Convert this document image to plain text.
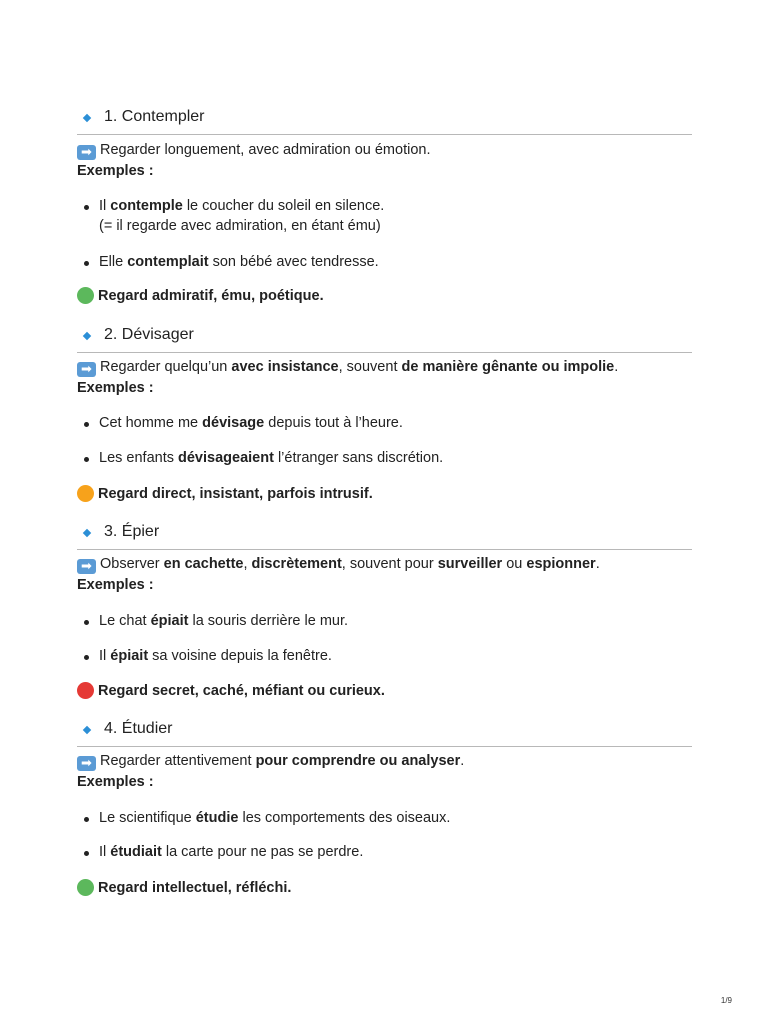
1. Contempler
➡ Regarder longuement, avec admiration ou émotion.
Exemples :
Il contemple le coucher du soleil en silence.
(= il regarde avec admiration, en étant ému)
Elle contemplait son bébé avec tendresse.
Regard admiratif, ému, poétique.
2. Dévisager
➡ Regarder quelqu’un avec insistance, souvent de manière gênante ou impolie.
Exemples :
Cet homme me dévisage depuis tout à l’heure.
Les enfants dévisageaient l’étranger sans discrétion.
Regard direct, insistant, parfois intrusif.
3. Épier
➡ Observer en cachette, discrètement, souvent pour surveiller ou espionner.
Exemples :
Le chat épiait la souris derrière le mur.
Il épiait sa voisine depuis la fenêtre.
Regard secret, caché, méfiant ou curieux.
4. Étudier
➡ Regarder attentivement pour comprendre ou analyser.
Exemples :
Le scientifique étudie les comportements des oiseaux.
Il étudiait la carte pour ne pas se perdre.
Regard intellectuel, réfléchi.
1/9
